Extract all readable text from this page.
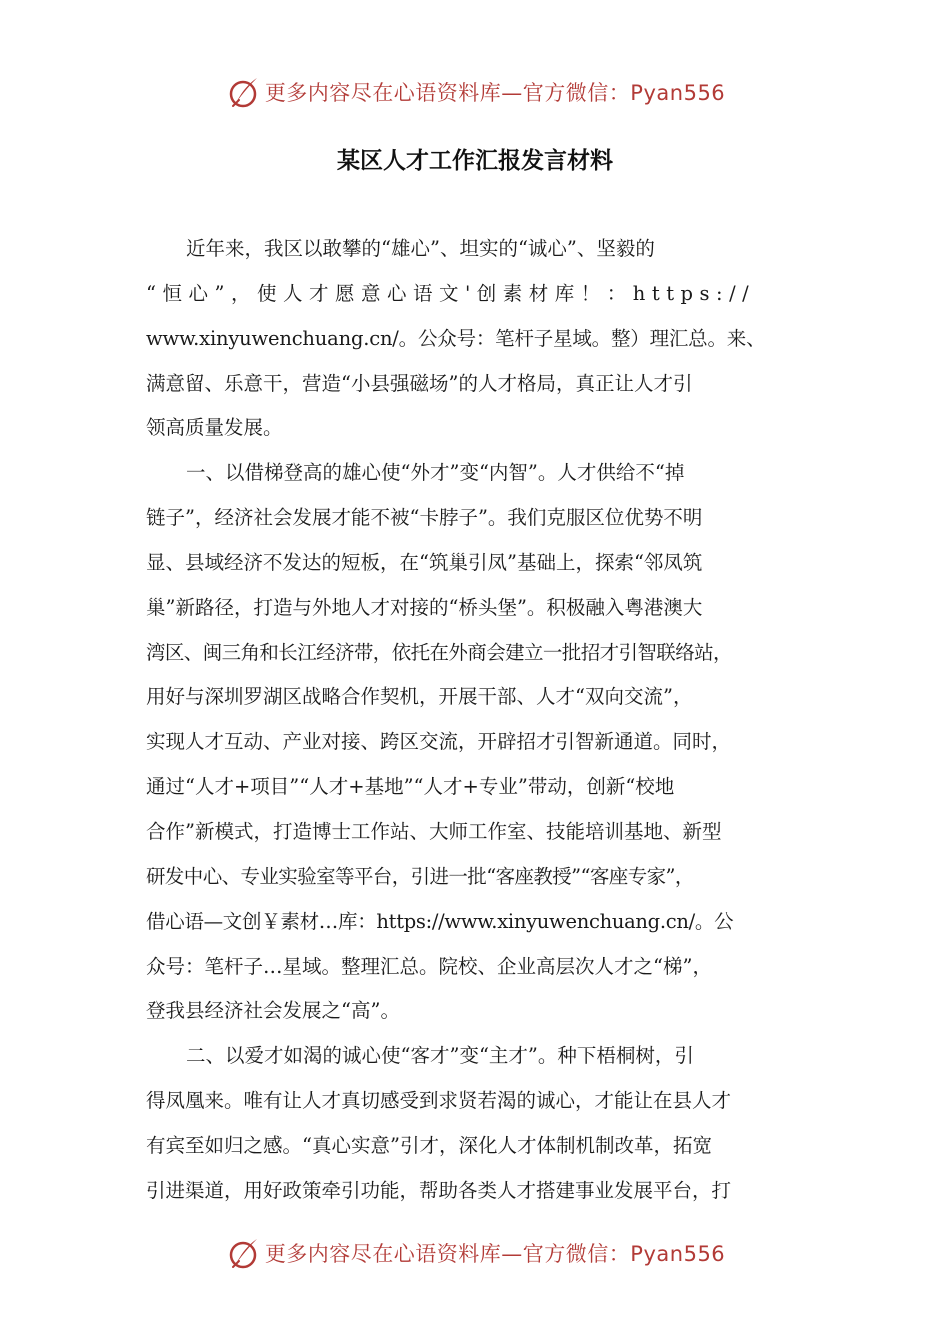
更多内容尽在心语资料库—官方微信：Pyan556
某区人才工作汇报发言材料
近年来，我区以敢攀的“雄心”、坦实的“诚心”、坚毅的
“恒心”，使人才愿意心语文'创素材库！：https://
www.xinyuwenchuang.cn/。公众号：笔杆子星域。整）理汇总。来、
满意留、乐意干，营造“小县强磁场”的人才格局，真正让人才引
领高质量发展。
一、以借梯登高的雄心使“外才”变“内智”。人才供给不“掉
链子”，经济社会发展才能不被“卡脖子”。我们克服区位优势不明
显、县域经济不发达的短板，在“筑巢引凤”基础上，探索“邻凤筑
巢”新路径，打造与外地人才对接的“桥头堡”。积极融入粤港澳大
湾区、闽三角和长江经济带，依托在外商会建立一批招才引智联络站，
用好与深圳罗湖区战略合作契机，开展干部、人才“双向交流”，
实现人才互动、产业对接、跨区交流，开辟招才引智新通道。同时，
通过“人才+项目”“人才+基地”“人才+专业”带动，创新“校地
合作”新模式，打造博士工作站、大师工作室、技能培训基地、新型
研发中心、专业实验室等平台，引进一批“客座教授”“客座专家”，
借心语—文创￥素材…库：https://www.xinyuwenchuang.cn/。公
众号：笔杆子…星域。整理汇总。院校、企业高层次人才之“梯”，
登我县经济社会发展之“高”。
二、以爱才如渴的诚心使“客才”变“主才”。种下梧桐树，引
得凤凰来。唯有让人才真切感受到求贤若渴的诚心，才能让在县人才
有宾至如归之感。“真心实意”引才，深化人才体制机制改革，拓宽
引进渠道，用好政策牵引功能，帮助各类人才搭建事业发展平台，打
更多内容尽在心语资料库—官方微信：Pyan556
